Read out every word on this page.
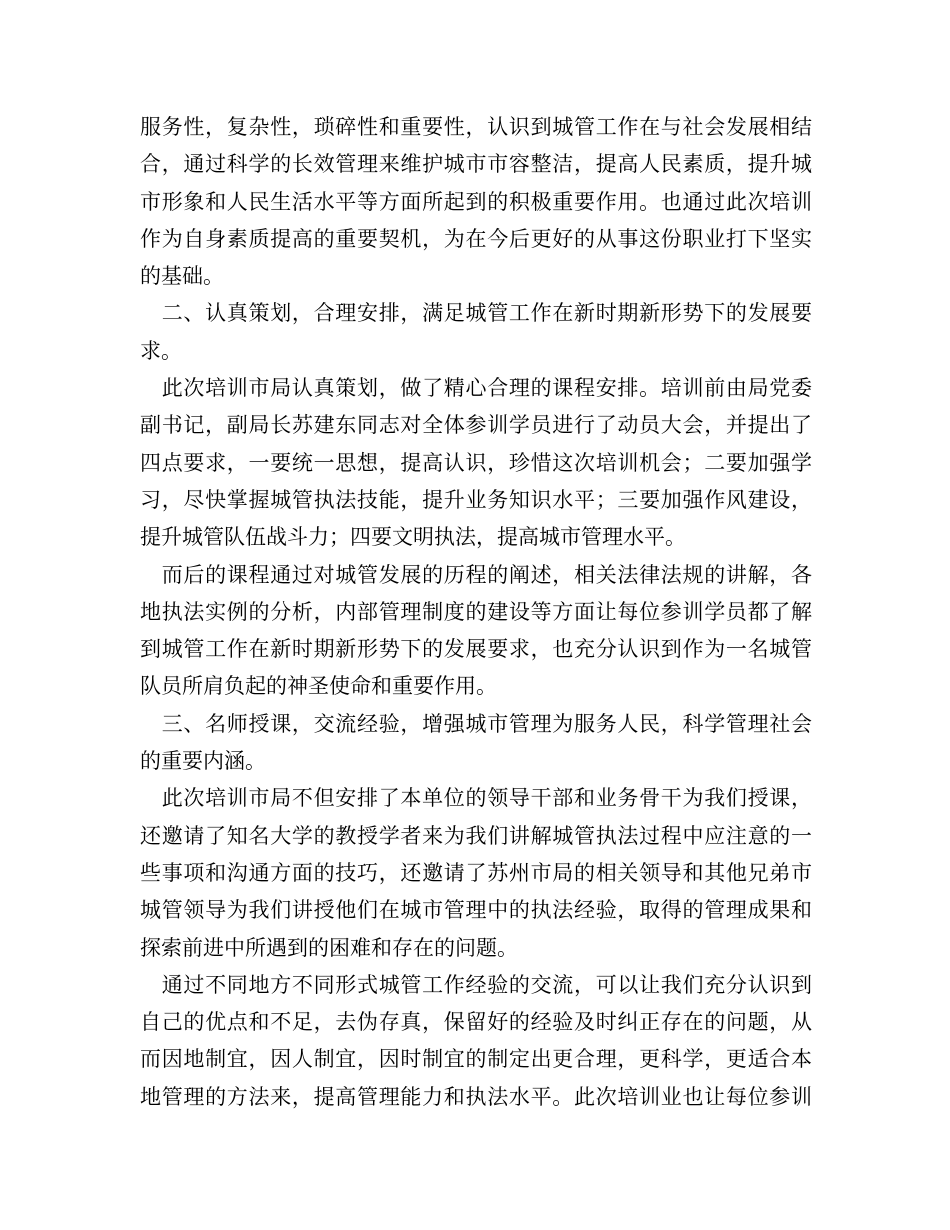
服务性，复杂性，琐碎性和重要性，认识到城管工作在与社会发展相结
合，通过科学的长效管理来维护城市市容整洁，提高人民素质，提升城
市形象和人民生活水平等方面所起到的积极重要作用。也通过此次培训
作为自身素质提高的重要契机，为在今后更好的从事这份职业打下坚实
的基础。
　二、认真策划，合理安排，满足城管工作在新时期新形势下的发展要
求。
　此次培训市局认真策划，做了精心合理的课程安排。培训前由局党委
副书记，副局长苏建东同志对全体参训学员进行了动员大会，并提出了
四点要求，一要统一思想，提高认识，珍惜这次培训机会；二要加强学
习，尽快掌握城管执法技能，提升业务知识水平；三要加强作风建设，
提升城管队伍战斗力；四要文明执法，提高城市管理水平。
　而后的课程通过对城管发展的历程的阐述，相关法律法规的讲解，各
地执法实例的分析，内部管理制度的建设等方面让每位参训学员都了解
到城管工作在新时期新形势下的发展要求，也充分认识到作为一名城管
队员所肩负起的神圣使命和重要作用。
　三、名师授课，交流经验，增强城市管理为服务人民，科学管理社会
的重要内涵。
　此次培训市局不但安排了本单位的领导干部和业务骨干为我们授课，
还邀请了知名大学的教授学者来为我们讲解城管执法过程中应注意的一
些事项和沟通方面的技巧，还邀请了苏州市局的相关领导和其他兄弟市
城管领导为我们讲授他们在城市管理中的执法经验，取得的管理成果和
探索前进中所遇到的困难和存在的问题。
　通过不同地方不同形式城管工作经验的交流，可以让我们充分认识到
自己的优点和不足，去伪存真，保留好的经验及时纠正存在的问题，从
而因地制宜，因人制宜，因时制宜的制定出更合理，更科学，更适合本
地管理的方法来，提高管理能力和执法水平。此次培训业也让每位参训
